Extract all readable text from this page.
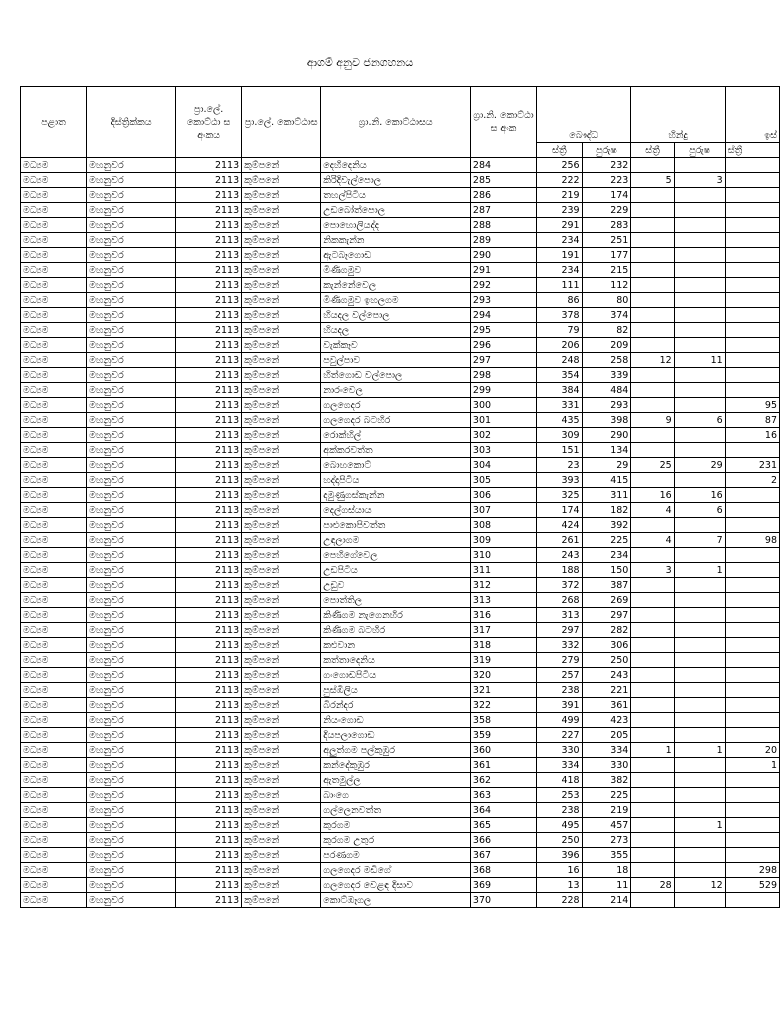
ආගම් අනුව ජනගහනය
පළාත	දිස්ත්‍රික්කය	ප්‍රා.ලේ. කොට්ඨා ස අංකය	ප්‍රා.ලේ. කොට්ඨාස	ග්‍රා.නි. කොට්ඨාසය	ග්‍රා.නි. කොට්ඨා ස අංක	බෞද්ධ		හින්දු		ඉස්
						ස්ත්‍රී	පුරුෂ	ස්ත්‍රී	පුරුෂ	ස්ත්‍රී
මධ්‍යම	මහනුවර	2113	කුම්පනේ	දෙහිදෙනිය	284	256	232			
මධ්‍යම	මහනුවර	2113	කුම්පනේ	කිරිදිවැල්පොල	285	222	223	5	3	
මධ්‍යම	මහනුවර	2113	කුම්පනේ	තහල්පිටිය	286	219	174			
මධ්‍යම	මහනුවර	2113	කුම්පනේ	උඩබෝත්පොල	287	239	229			
මධ්‍යම	මහනුවර	2113	කුම්පනේ	පොහොලියද්ද	288	291	283			
මධ්‍යම	මහනුවර	2113	කුම්පනේ	නිකකැන්න	289	234	251			
මධ්‍යම	මහනුවර	2113	කුම්පනේ	ඇටබෑගොඩ	290	191	177			
මධ්‍යම	මහනුවර	2113	කුම්පනේ	මිණිගමුව	291	234	215			
මධ්‍යම	මහනුවර	2113	කුම්පනේ	කැන්නේවෙල	292	111	112			
මධ්‍යම	මහනුවර	2113	කුම්පනේ	මිණිගමුව ඉහලගම	293	86	80			
මධ්‍යම	මහනුවර	2113	කුම්පනේ	හියදල වල්පොල	294	378	374			
මධ්‍යම	මහනුවර	2113	කුම්පනේ	හියදල	295	79	82			
මධ්‍යම	මහනුවර	2113	කුම්පනේ	වැක්කෑව	296	206	209			
මධ්‍යම	මහනුවර	2113	කුම්පනේ	පවුල්පාව	297	248	258	12	11	
මධ්‍යම	මහනුවර	2113	කුම්පනේ	හිත්ගොඩ වල්පොල	298	354	339			
මධ්‍යම	මහනුවර	2113	කුම්පනේ	නාරංවෙල	299	384	484			
මධ්‍යම	මහනුවර	2113	කුම්පනේ	ගලගෙදර	300	331	293			95
මධ්‍යම	මහනුවර	2113	කුම්පනේ	ගලගෙදර බටහිර	301	435	398	9	6	87
මධ්‍යම	මහනුවර	2113	කුම්පනේ	රොක්හිල්	302	309	290			16
මධ්‍යම	මහනුවර	2113	කුම්පනේ	අක්කරවත්ත	303	151	134			
මධ්‍යම	මහනුවර	2113	කුම්පනේ	බොහකොට්	304	23	29	25	29	231
මධ්‍යම	මහනුවර	2113	කුම්පනේ	හද්දාපිටිය	305	393	415			2
මධ්‍යම	මහනුවර	2113	කුම්පනේ	දමුණුගස්කැන්න	306	325	311	16	16	
මධ්‍යම	මහනුවර	2113	කුම්පනේ	දෙල්ගස්යාය	307	174	182	4	6	
මධ්‍යම	මහනුවර	2113	කුම්පනේ	පාළුකොපිවත්ත	308	424	392			
මධ්‍යම	මහනුවර	2113	කුම්පනේ	උඳලාගම	309	261	225	4	7	98
මධ්‍යම	මහනුවර	2113	කුම්පනේ	පෙහිගේවෙල	310	243	234			
මධ්‍යම	මහනුවර	2113	කුම්පනේ	උඩපිටිය	311	188	150	3	1	
මධ්‍යම	මහනුවර	2113	කුම්පනේ	උඩුව	312	372	387			
මධ්‍යම	මහනුවර	2113	කුම්පනේ	පොත්තිල	313	268	269			
මධ්‍යම	මහනුවර	2113	කුම්පනේ	කිණිගම නැගෙනහිර	316	313	297			
මධ්‍යම	මහනුවර	2113	කුම්පනේ	කිණිගම බටහිර	317	297	282			
මධ්‍යම	මහනුවර	2113	කුම්පනේ	කළුවාන	318	332	306			
මධ්‍යම	මහනුවර	2113	කුම්පනේ	කත්තාදෙනිය	319	279	250			
මධ්‍යම	මහනුවර	2113	කුම්පනේ	ගංගොඩපිටිය	320	257	243			
මධ්‍යම	මහනුවර	2113	කුම්පනේ	පුස්ඹිලිය	321	238	221			
මධ්‍යම	මහනුවර	2113	කුම්පනේ	බිරන්දර	322	391	361			
මධ්‍යම	මහනුවර	2113	කුම්පනේ	නියංගොඩ	358	499	423			
මධ්‍යම	මහනුවර	2113	කුම්පනේ	දියපලාගොඩ	359	227	205			
මධ්‍යම	මහනුවර	2113	කුම්පනේ	අලුත්ගම පල්කුඹුර	360	330	334	1	1	20
මධ්‍යම	මහනුවර	2113	කුම්පනේ	කන්දේකුඹුර	361	334	330			1
මධ්‍යම	මහනුවර	2113	කුම්පනේ	ඇතමුල්ල	362	418	382			
මධ්‍යම	මහනුවර	2113	කුම්පනේ	බාංගෙ	363	253	225			
මධ්‍යම	මහනුවර	2113	කුම්පනේ	ගල්ලෙනවත්ත	364	238	219			
මධ්‍යම	මහනුවර	2113	කුම්පනේ	කුරගම	365	495	457		1	
මධ්‍යම	මහනුවර	2113	කුම්පනේ	කුරගම උතුර	366	250	273			
මධ්‍යම	මහනුවර	2113	කුම්පනේ	පරණගම	367	396	355			
මධ්‍යම	මහනුවර	2113	කුම්පනේ	ගලගෙදර මඩිගේ	368	16	18			298
මධ්‍යම	මහනුවර	2113	කුම්පනේ	ගලගෙදර වෙළඳ දිසාව	369	13	11	28	12	529
මධ්‍යම	මහනුවර	2113	කුම්පනේ	කොට්ඹෑගල	370	228	214			
